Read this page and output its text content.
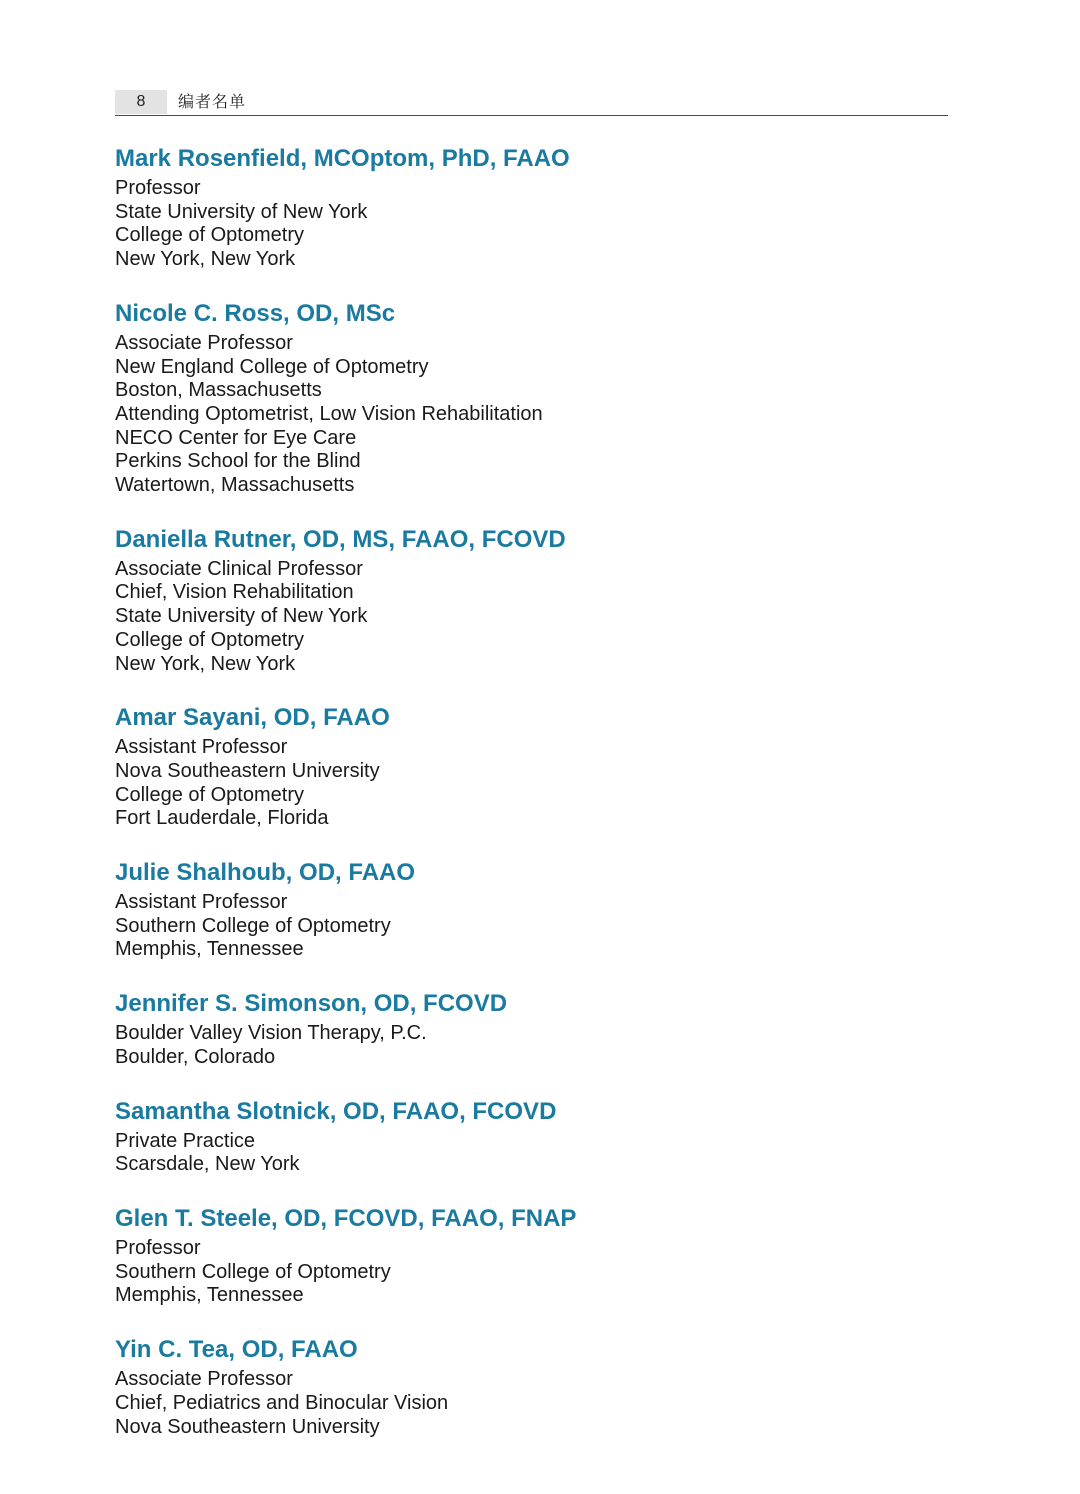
8	编者名单
Mark Rosenfield, MCOptom, PhD, FAAO
Professor
State University of New York
College of Optometry
New York, New York
Nicole C. Ross, OD, MSc
Associate Professor
New England College of Optometry
Boston, Massachusetts
Attending Optometrist, Low Vision Rehabilitation
NECO Center for Eye Care
Perkins School for the Blind
Watertown, Massachusetts
Daniella Rutner, OD, MS, FAAO, FCOVD
Associate Clinical Professor
Chief, Vision Rehabilitation
State University of New York
College of Optometry
New York, New York
Amar Sayani, OD, FAAO
Assistant Professor
Nova Southeastern University
College of Optometry
Fort Lauderdale, Florida
Julie Shalhoub, OD, FAAO
Assistant Professor
Southern College of Optometry
Memphis, Tennessee
Jennifer S. Simonson, OD, FCOVD
Boulder Valley Vision Therapy, P.C.
Boulder, Colorado
Samantha Slotnick, OD, FAAO, FCOVD
Private Practice
Scarsdale, New York
Glen T. Steele, OD, FCOVD, FAAO, FNAP
Professor
Southern College of Optometry
Memphis, Tennessee
Yin C. Tea, OD, FAAO
Associate Professor
Chief, Pediatrics and Binocular Vision
Nova Southeastern University
